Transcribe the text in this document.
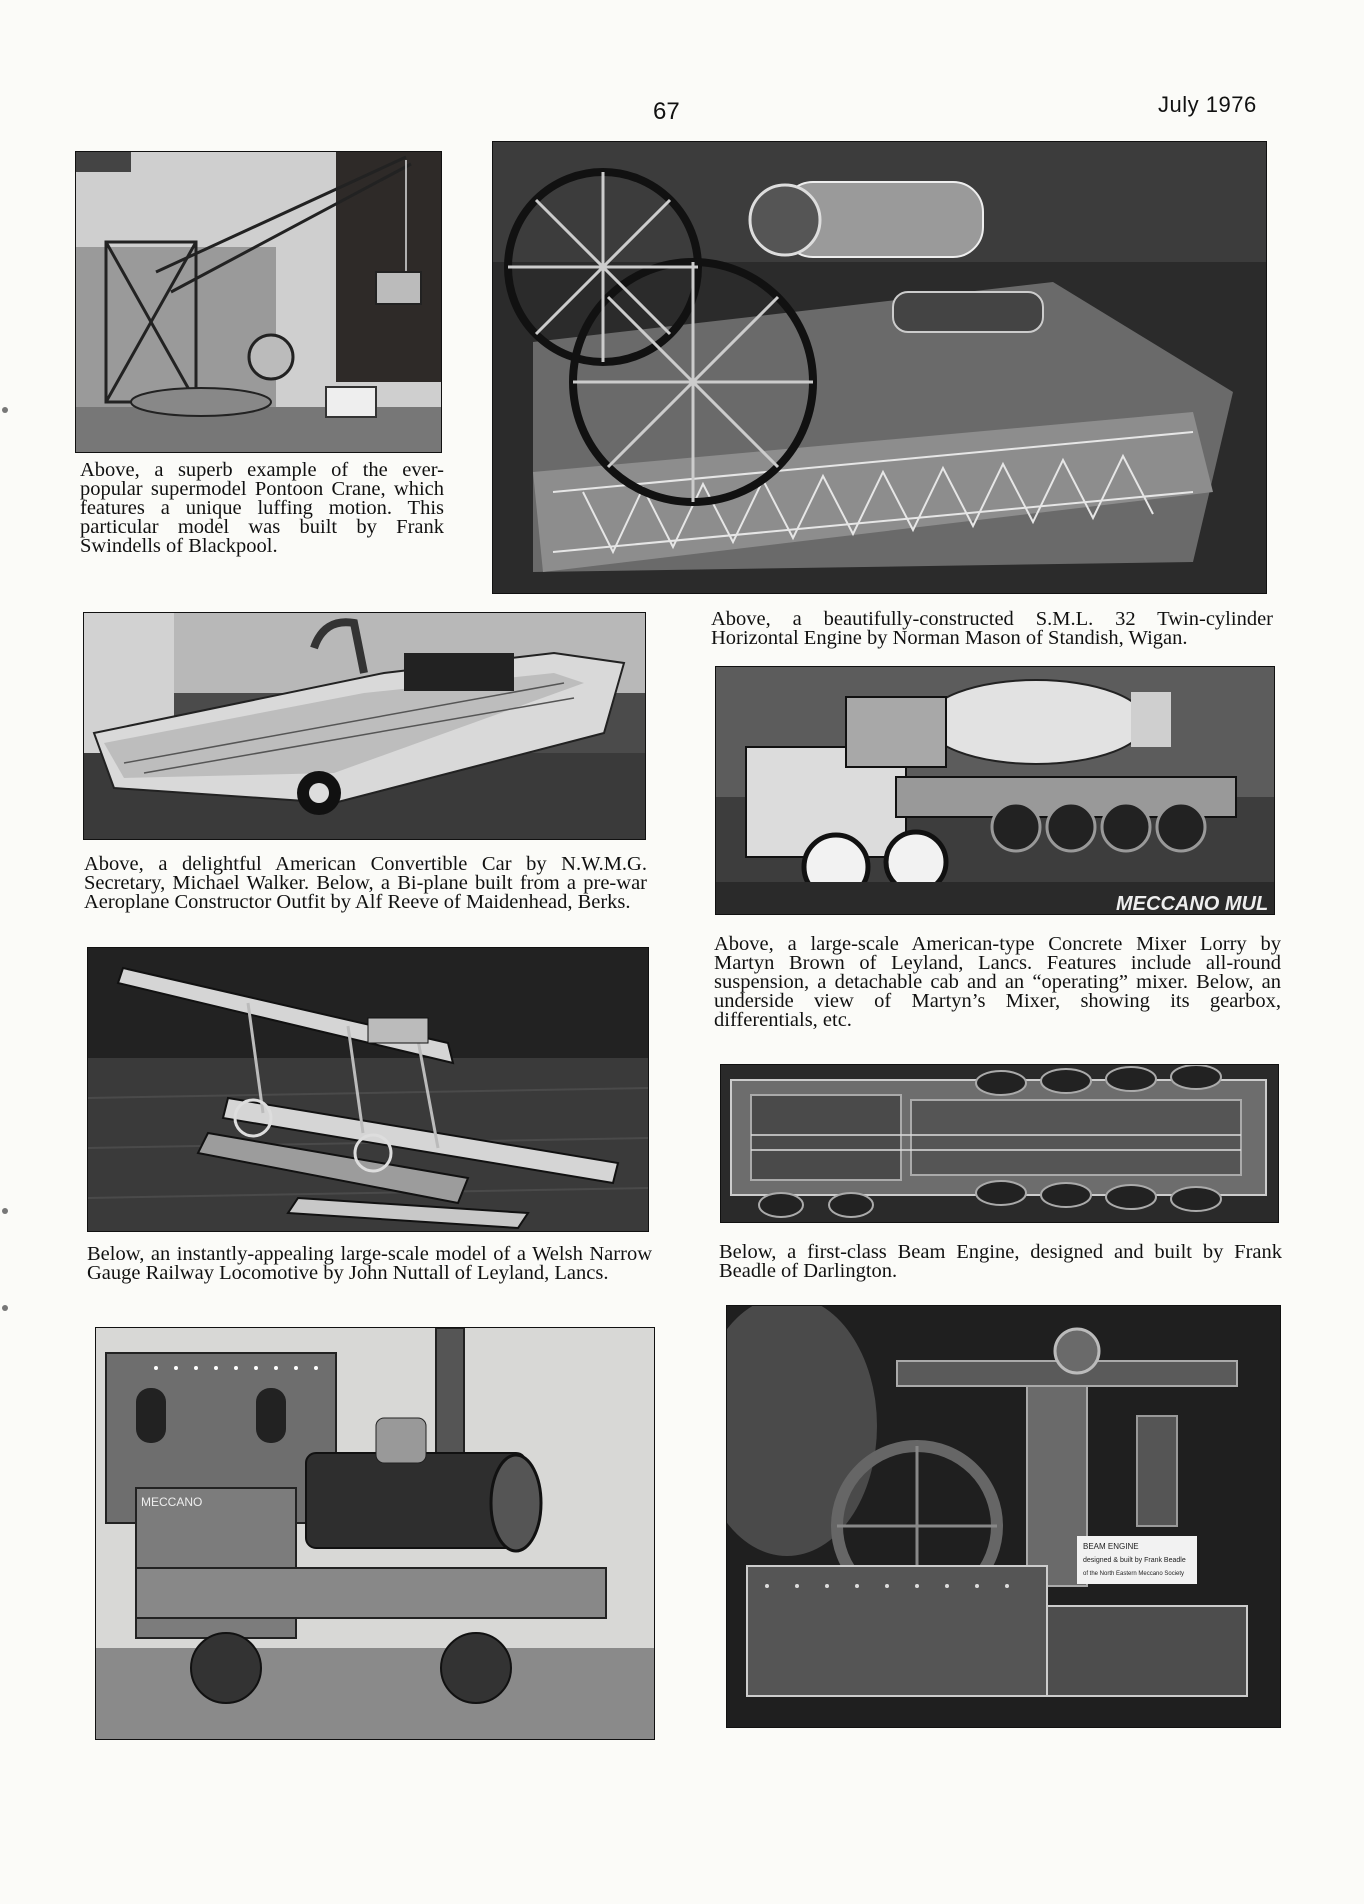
67	July 1976

Above, a superb example of the ever-popular supermodel Pontoon Crane, which features a unique luffing motion. This particular model was built by Frank Swindells of Blackpool.

Above, a beautifully-constructed S.M.L. 32 Twin-cylinder Horizontal Engine by Norman Mason of Standish, Wigan.

Above, a delightful American Convertible Car by N.W.M.G. Secretary, Michael Walker. Below, a Bi-plane built from a pre-war Aeroplane Constructor Outfit by Alf Reeve of Maidenhead, Berks.	MECCANO MUL

Above, a large-scale American-type Concrete Mixer Lorry by Martyn Brown of Leyland, Lancs. Features include all-round suspension, a detachable cab and an “operating” mixer. Below, an underside view of Martyn’s Mixer, showing its gearbox, differentials, etc.

Below, an instantly-appealing large-scale model of a Welsh Narrow Gauge Railway Locomotive by John Nuttall of Leyland, Lancs.

Below, a first-class Beam Engine, designed and built by Frank Beadle of Darlington.

MECCANO
BEAM ENGINE
designed & built by Frank Beadle
of the North Eastern Meccano Society
